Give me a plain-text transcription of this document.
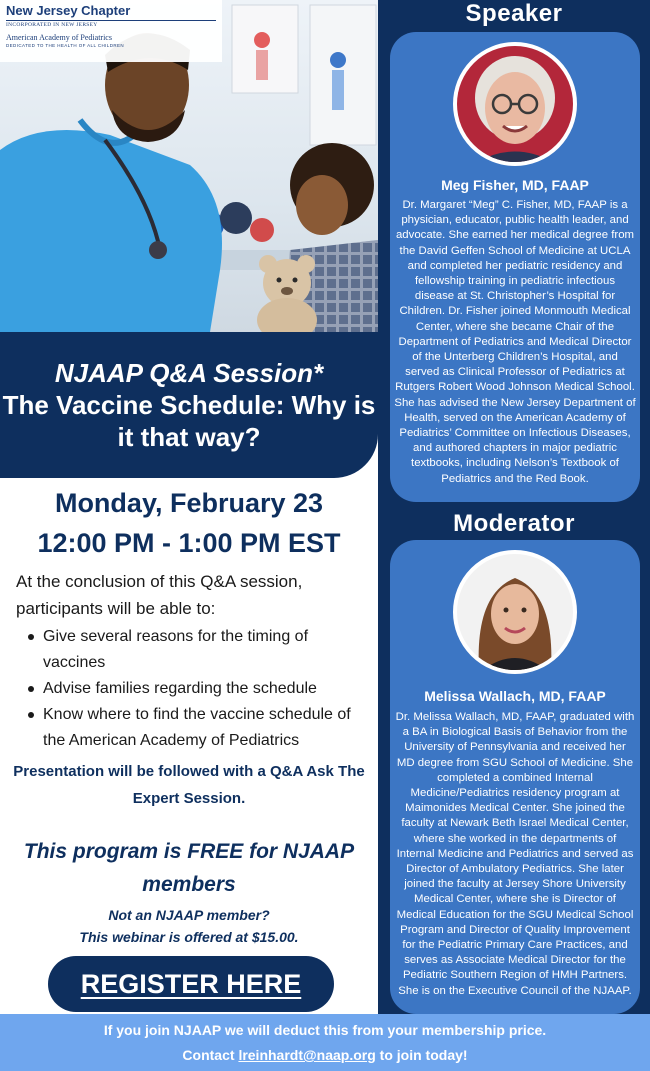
New Jersey Chapter
INCORPORATED IN NEW JERSEY
American Academy of Pediatrics
DEDICATED TO THE HEALTH OF ALL CHILDREN
NJAAP Q&A Session*
The Vaccine Schedule: Why is it that way?
Monday, February 23
12:00 PM - 1:00 PM EST
At the conclusion of this Q&A session, participants will be able to:
Give several reasons for the timing of vaccines
Advise families regarding the schedule
Know where to find the vaccine schedule of the American Academy of Pediatrics
Presentation will be followed with a Q&A Ask The Expert Session.
This program is FREE for NJAAP members
Not an NJAAP member?
This webinar is offered at $15.00.
REGISTER HERE
Speaker
Meg Fisher, MD, FAAP
Dr. Margaret “Meg” C. Fisher, MD, FAAP is a physician, educator, public health leader, and advocate. She earned her medical degree from the David Geffen School of Medicine at UCLA and completed her pediatric residency and fellowship training in pediatric infectious disease at St. Christopher’s Hospital for Children. Dr. Fisher joined Monmouth Medical Center, where she became Chair of the Department of Pediatrics and Medical Director of the Unterberg Children’s Hospital, and served as Clinical Professor of Pediatrics at Rutgers Robert Wood Johnson Medical School. She has advised the New Jersey Department of Health, served on the American Academy of Pediatrics’ Committee on Infectious Diseases, and authored chapters in major pediatric textbooks, including Nelson’s Textbook of Pediatrics and the Red Book.
Moderator
Melissa Wallach, MD, FAAP
Dr. Melissa Wallach, MD, FAAP, graduated with a BA in Biological Basis of Behavior from the University of Pennsylvania and received her MD degree from SGU School of Medicine. She completed a combined Internal Medicine/Pediatrics residency program at Maimonides Medical Center. She joined the faculty at Newark Beth Israel Medical Center, where she worked in the departments of Internal Medicine and Pediatrics and served as Director of Ambulatory Pediatrics. She later joined the faculty at Jersey Shore University Medical Center, where she is Director of Medical Education for the SGU Medical School Program and Director of Quality Improvement for the Pediatric Primary Care Practices, and serves as Associate Medical Director for the Pediatric Southern Region of HMH Partners. She is on the Executive Council of the NJAAP.
If you join NJAAP we will deduct this from your membership price.
Contact lreinhardt@naap.org to join today!
